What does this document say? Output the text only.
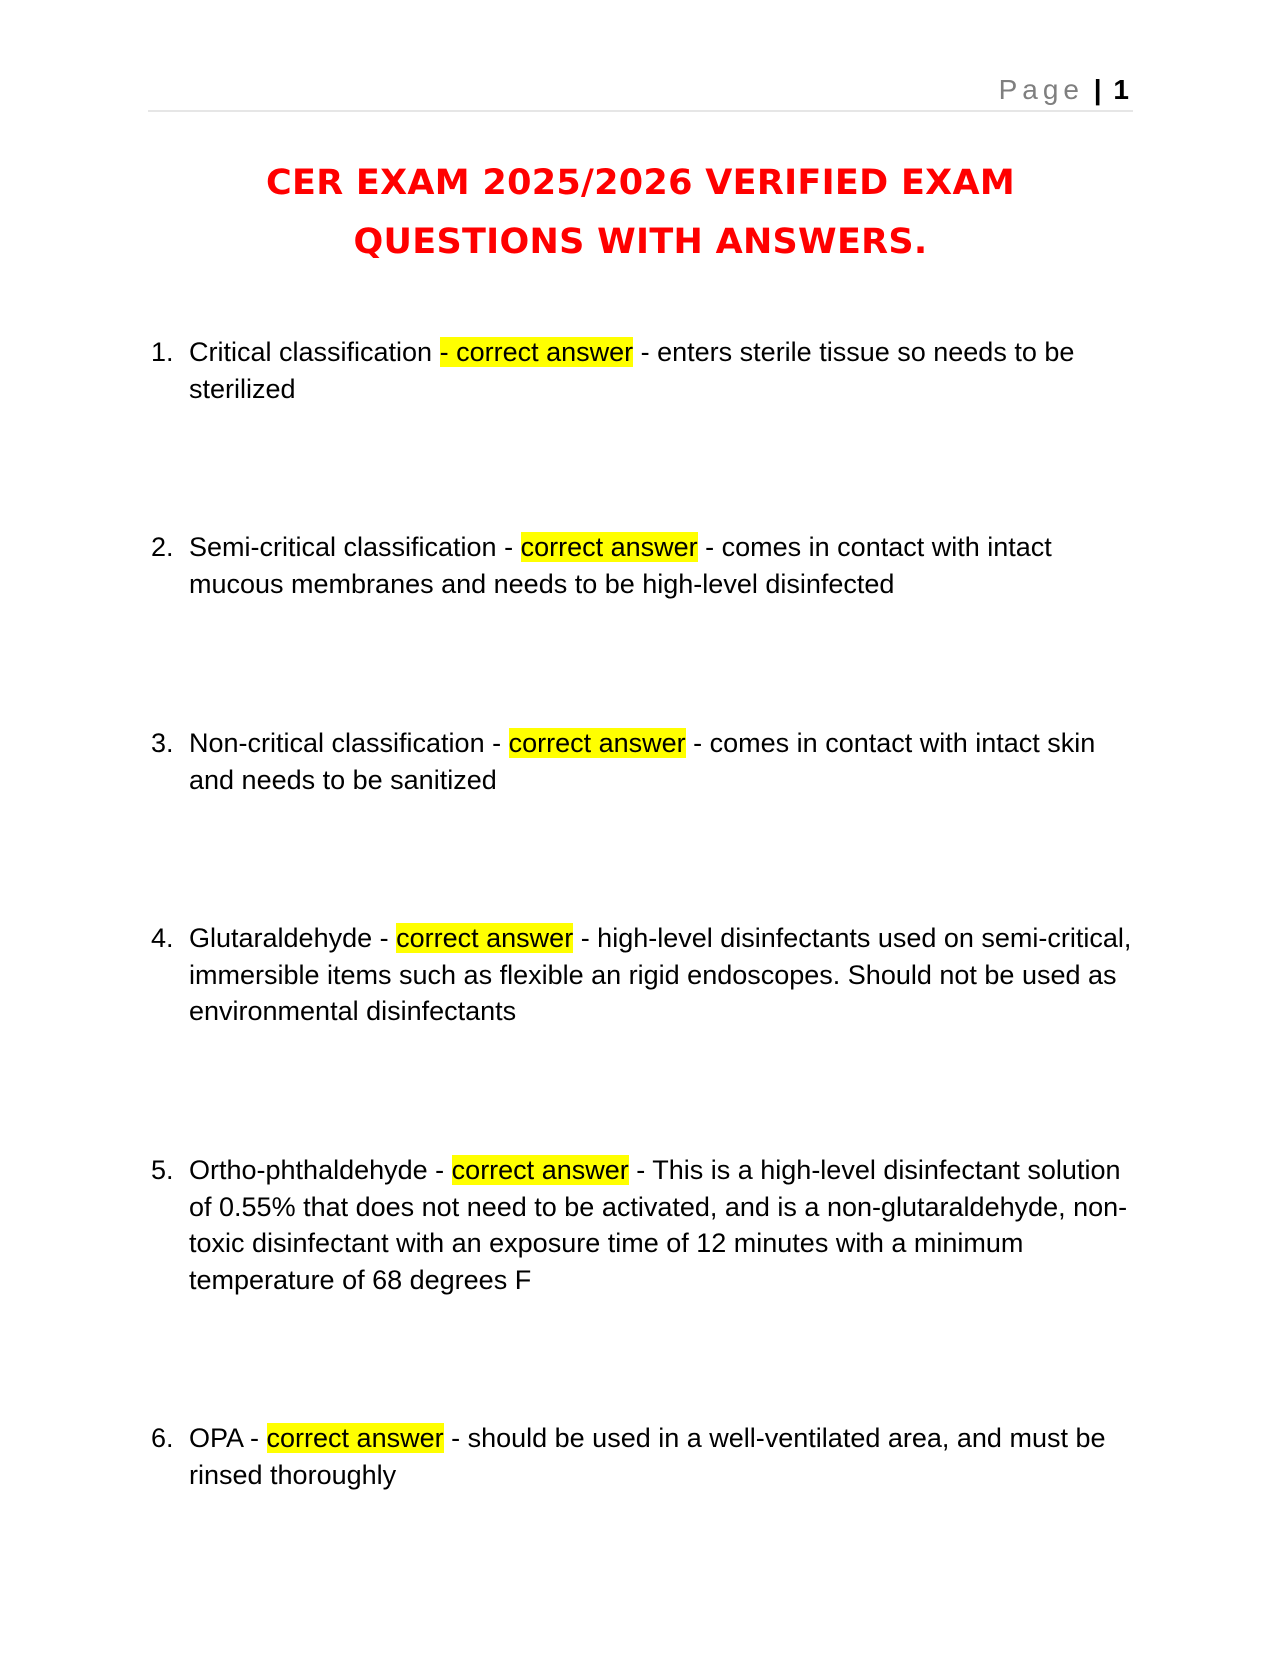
Page | 1
CER EXAM 2025/2026 VERIFIED EXAM
QUESTIONS WITH ANSWERS.
1. Critical classification - correct answer - enters sterile tissue so needs to be sterilized
2. Semi-critical classification - correct answer - comes in contact with intact mucous membranes and needs to be high-level disinfected
3. Non-critical classification - correct answer - comes in contact with intact skin and needs to be sanitized
4. Glutaraldehyde - correct answer - high-level disinfectants used on semi-critical, immersible items such as flexible an rigid endoscopes. Should not be used as environmental disinfectants
5. Ortho-phthaldehyde - correct answer - This is a high-level disinfectant solution of 0.55% that does not need to be activated, and is a non-glutaraldehyde, non-toxic disinfectant with an exposure time of 12 minutes with a minimum temperature of 68 degrees F
6. OPA - correct answer - should be used in a well-ventilated area, and must be rinsed thoroughly
